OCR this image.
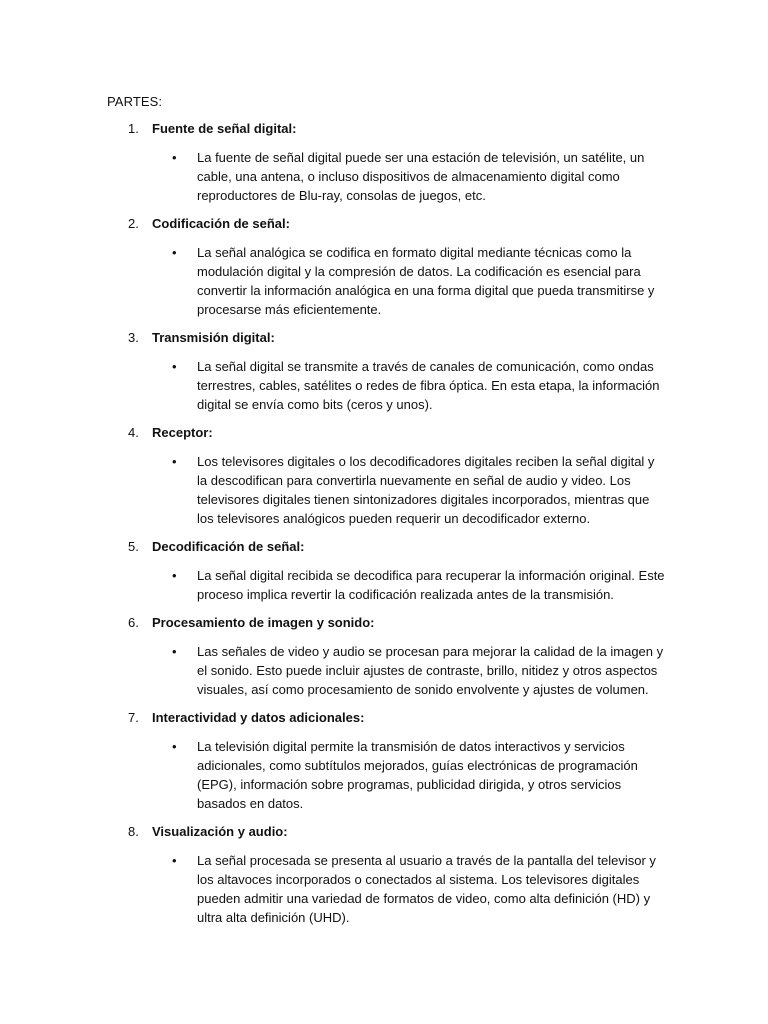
PARTES:
1. Fuente de señal digital:
• La fuente de señal digital puede ser una estación de televisión, un satélite, un cable, una antena, o incluso dispositivos de almacenamiento digital como reproductores de Blu-ray, consolas de juegos, etc.
2. Codificación de señal:
• La señal analógica se codifica en formato digital mediante técnicas como la modulación digital y la compresión de datos. La codificación es esencial para convertir la información analógica en una forma digital que pueda transmitirse y procesarse más eficientemente.
3. Transmisión digital:
• La señal digital se transmite a través de canales de comunicación, como ondas terrestres, cables, satélites o redes de fibra óptica. En esta etapa, la información digital se envía como bits (ceros y unos).
4. Receptor:
• Los televisores digitales o los decodificadores digitales reciben la señal digital y la descodifican para convertirla nuevamente en señal de audio y video. Los televisores digitales tienen sintonizadores digitales incorporados, mientras que los televisores analógicos pueden requerir un decodificador externo.
5. Decodificación de señal:
• La señal digital recibida se decodifica para recuperar la información original. Este proceso implica revertir la codificación realizada antes de la transmisión.
6. Procesamiento de imagen y sonido:
• Las señales de video y audio se procesan para mejorar la calidad de la imagen y el sonido. Esto puede incluir ajustes de contraste, brillo, nitidez y otros aspectos visuales, así como procesamiento de sonido envolvente y ajustes de volumen.
7. Interactividad y datos adicionales:
• La televisión digital permite la transmisión de datos interactivos y servicios adicionales, como subtítulos mejorados, guías electrónicas de programación (EPG), información sobre programas, publicidad dirigida, y otros servicios basados en datos.
8. Visualización y audio:
• La señal procesada se presenta al usuario a través de la pantalla del televisor y los altavoces incorporados o conectados al sistema. Los televisores digitales pueden admitir una variedad de formatos de video, como alta definición (HD) y ultra alta definición (UHD).
